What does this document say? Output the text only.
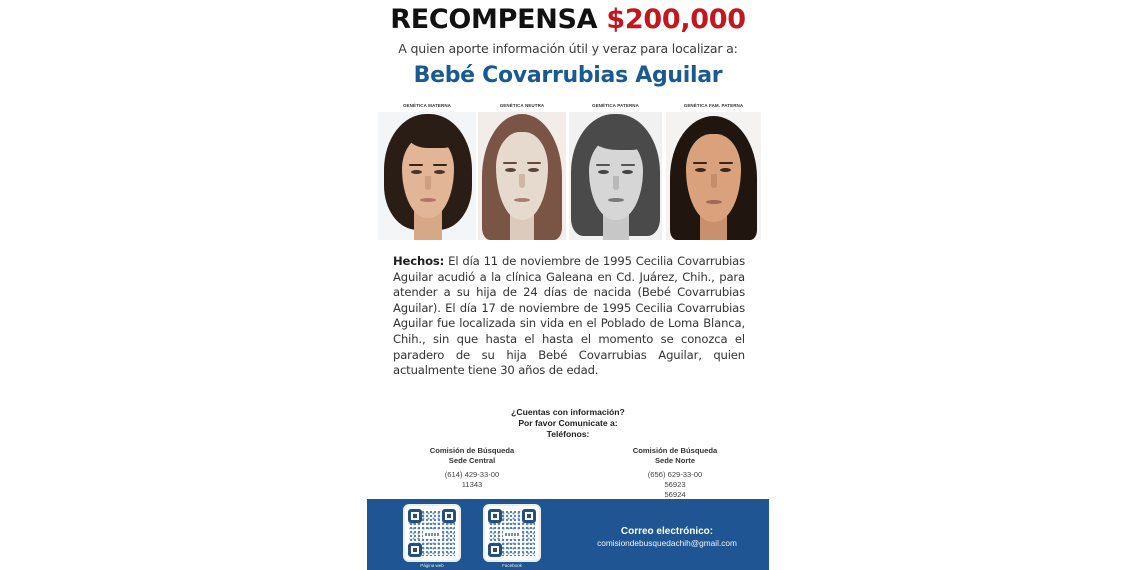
RECOMPENSA $200,000
A quien aporte información útil y veraz para localizar a:
Bebé Covarrubias Aguilar
GENÉTICA MATERNA	GENÉTICA NEUTRA	GENÉTICA PATERNA	GENÉTICA FAM. PATERNA
Hechos: El día 11 de noviembre de 1995 Cecilia Covarrubias Aguilar acudió a la clínica Galeana en Cd. Juárez, Chih., para atender a su hija de 24 días de nacida (Bebé Covarrubias Aguilar). El día 17 de noviembre de 1995 Cecilia Covarrubias Aguilar fue localizada sin vida en el Poblado de Loma Blanca, Chih., sin que hasta el hasta el momento se conozca el paradero de su hija Bebé Covarrubias Aguilar, quien actualmente tiene 30 años de edad.
¿Cuentas con información?
Por favor Comunicate a:
Teléfonos:
Comisión de Búsqueda
Sede Central
(614) 429-33-00
11343
Comisión de Búsqueda
Sede Norte
(656) 629-33-00
56923
56924
Página web	Facebook
Correo electrónico:
comisiondebusquedachih@gmail.com
